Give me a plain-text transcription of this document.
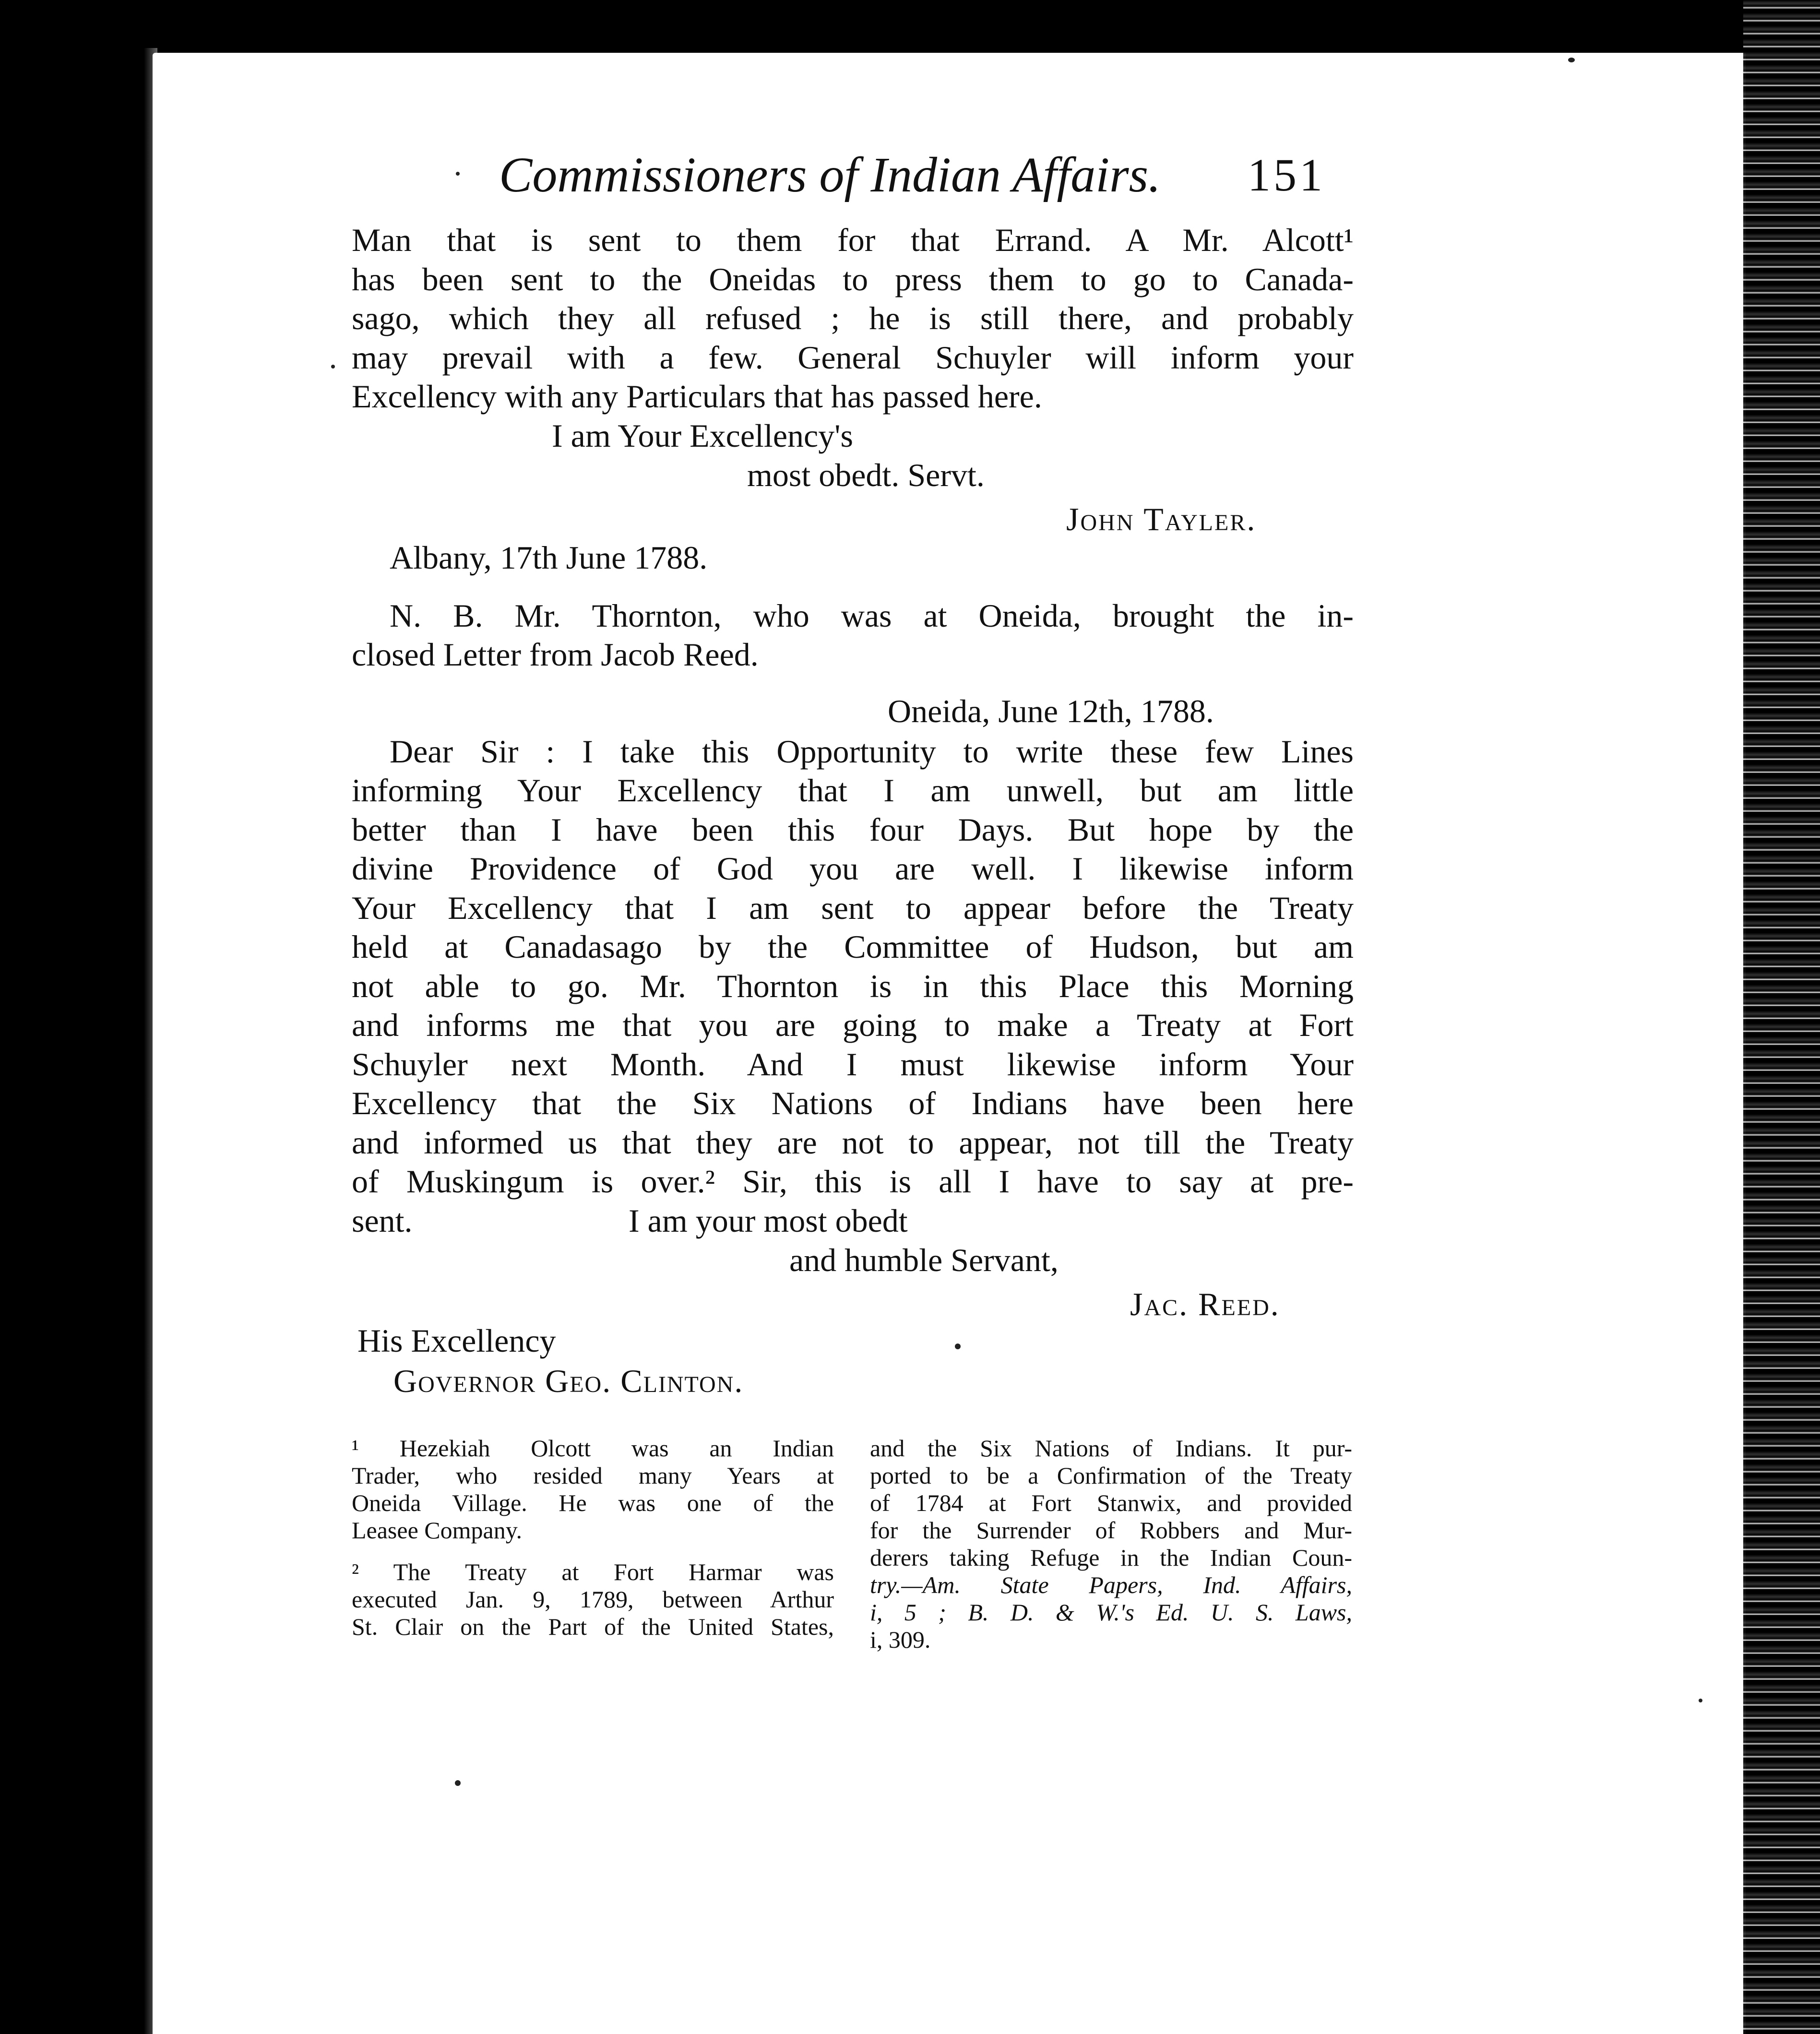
Commissioners of Indian Affairs. 151
Man that is sent to them for that Errand. A Mr. Alcott¹
has been sent to the Oneidas to press them to go to Canada-
sago, which they all refused ; he is still there, and probably
may prevail with a few. General Schuyler will inform your
Excellency with any Particulars that has passed here.
I am Your Excellency's
most obedt. Servt.
John Tayler.
Albany, 17th June 1788.
N. B. Mr. Thornton, who was at Oneida, brought the in-
closed Letter from Jacob Reed.
Oneida, June 12th, 1788.
Dear Sir : I take this Opportunity to write these few Lines
informing Your Excellency that I am unwell, but am little
better than I have been this four Days. But hope by the
divine Providence of God you are well. I likewise inform
Your Excellency that I am sent to appear before the Treaty
held at Canadasago by the Committee of Hudson, but am
not able to go. Mr. Thornton is in this Place this Morning
and informs me that you are going to make a Treaty at Fort
Schuyler next Month. And I must likewise inform Your
Excellency that the Six Nations of Indians have been here
and informed us that they are not to appear, not till the Treaty
of Muskingum is over.² Sir, this is all I have to say at pre-
sent.	I am your most obedt
and humble Servant,
Jac. Reed.
His Excellency
Governor Geo. Clinton.
¹ Hezekiah Olcott was an Indian
Trader, who resided many Years at
Oneida Village. He was one of the
Leasee Company.
² The Treaty at Fort Harmar was
executed Jan. 9, 1789, between Arthur
St. Clair on the Part of the United States,
and the Six Nations of Indians. It pur-
ported to be a Confirmation of the Treaty
of 1784 at Fort Stanwix, and provided
for the Surrender of Robbers and Mur-
derers taking Refuge in the Indian Coun-
try.—Am. State Papers, Ind. Affairs,
i, 5 ; B. D. & W.'s Ed. U. S. Laws,
i, 309.
